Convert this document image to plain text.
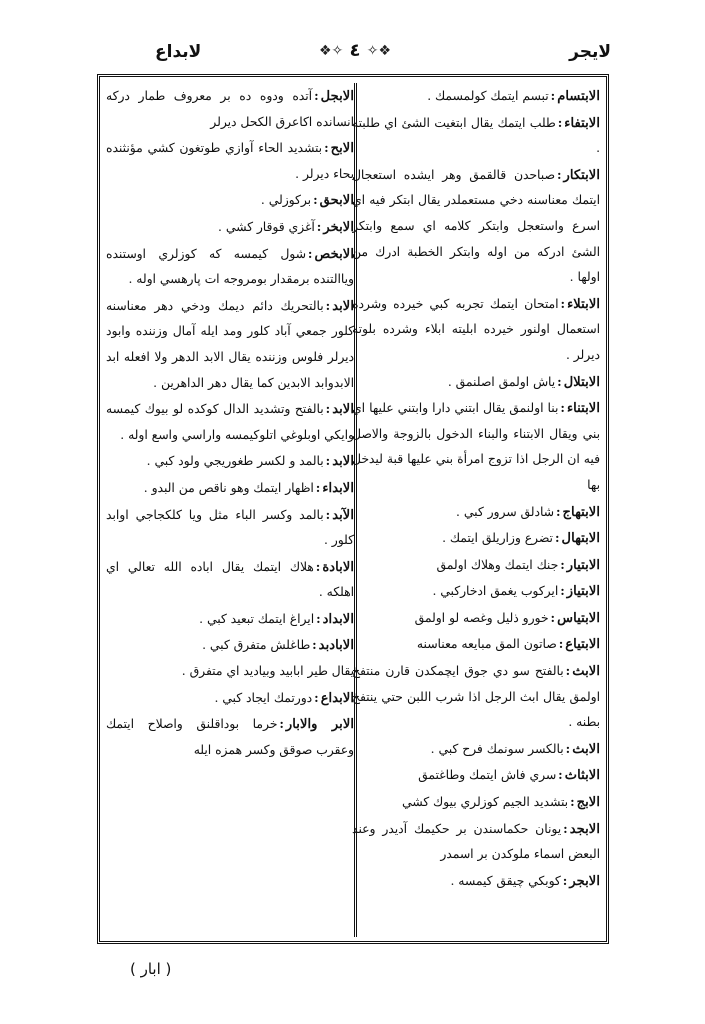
لايجر
❖✧ ٤ ✧❖
لابداع

الابتسام:تبسم ايتمك كولمسمك .

الابتفاء:طلب ايتمك يقال ابتغيت الشئ اي طلبته .

الابتكار:صباحدن قالقمق وهر ايشده استعجال ايتمك معناسنه دخي مستعملدر يقال ابتكر فيه اي اسرع واستعجل وابتكر كلامه اي سمع وابتكر الشئ ادركه من اوله وابتكر الخطبة ادرك من اولها .

الابتلاء:امتحان ايتمك تجربه كبي خيرده وشرده استعمال اولنور خيرده ابليته ابلاء وشرده بلوته ديرلر .

الابتلال:ياش اولمق اصلنمق .

الابتناء:بنا اولنمق يقال ابتني دارا وابتني عليها اي بني ويقال الابتناء والبناء الدخول بالزوجة والاصل فيه ان الرجل اذا تزوج امرأة بني عليها قبة ليدخل بها

الابتهاج:شادلق سرور كبي .

الابتهال:تضرع وزاريلق ايتمك .

الابتيار:جنك ايتمك وهلاك اولمق

الابتياز:ايركوب يغمق ادخاركبي .

الابتياس:خورو ذليل وغصه لو اولمق

الابتياع:صاتون المق مبايعه معناسنه

الابث:بالفتح سو دي جوق ايچمكدن قارن منتفخ اولمق يقال ابث الرجل اذا شرب اللبن حتي ينتفخ بطنه .

الابث:بالكسر سونمك فرح كبي .

الابثاث:سري فاش ايتمك وطاغتمق

الابج:بتشديد الجيم كوزلري بيوك كشي

الابجد:يونان حكماسندن بر حكيمك آديدر وعند البعض اسماء ملوكدن بر اسمدر

الابجر:كوبكي چيقق كيمسه .

الابجل:آتده ودوه ده بر معروف طمار دركه انسانده اكاعرق الكحل ديرلر

الابح:بتشديد الحاء آوازي طوتغون كشي مؤنثنده بحاء ديرلر .

الابحق:بركوزلي .

الابخر:آغزي قوقار كشي .

الابخص:شول كيمسه كه كوزلري اوستنده وياالتنده برمقدار بومروجه ات پارهسي اوله .

الابد:بالتحريك دائم ديمك ودخي دهر معناسنه كلور جمعي آباد كلور ومد ايله آمال وزننده وابود ديرلر فلوس وزننده يقال الابد الدهر ولا افعله ابد الابدوابد الابدين كما يقال دهر الداهرين .

الابد:بالفتح وتشديد الدال كوكده لو بيوك كيمسه وايكي اوبلوغي اتلوكيمسه واراسي واسع اوله .

الابد:بالمد و لكسر طغوريجي ولود كبي .

الابداء:اظهار ايتمك وهو ناقص من البدو .

الآبد:بالمد وكسر الباء مثل ويا كلكجاجي اوابد كلور .

الابادة:هلاك ايتمك يقال اباده الله تعالي اي اهلكه .

الابداد:ايراغ ايتمك تبعيد كبي .

الابادبد:طاغلش متفرق كبي .

يقال طير ابابيد وبياديد اي متفرق .

الابداع:دورتمك ايجاد كبي .

الابر والابار:خرما بوداقلنق واصلاح ايتمك وعقرب صوقق وكسر همزه ايله

( ابار )
